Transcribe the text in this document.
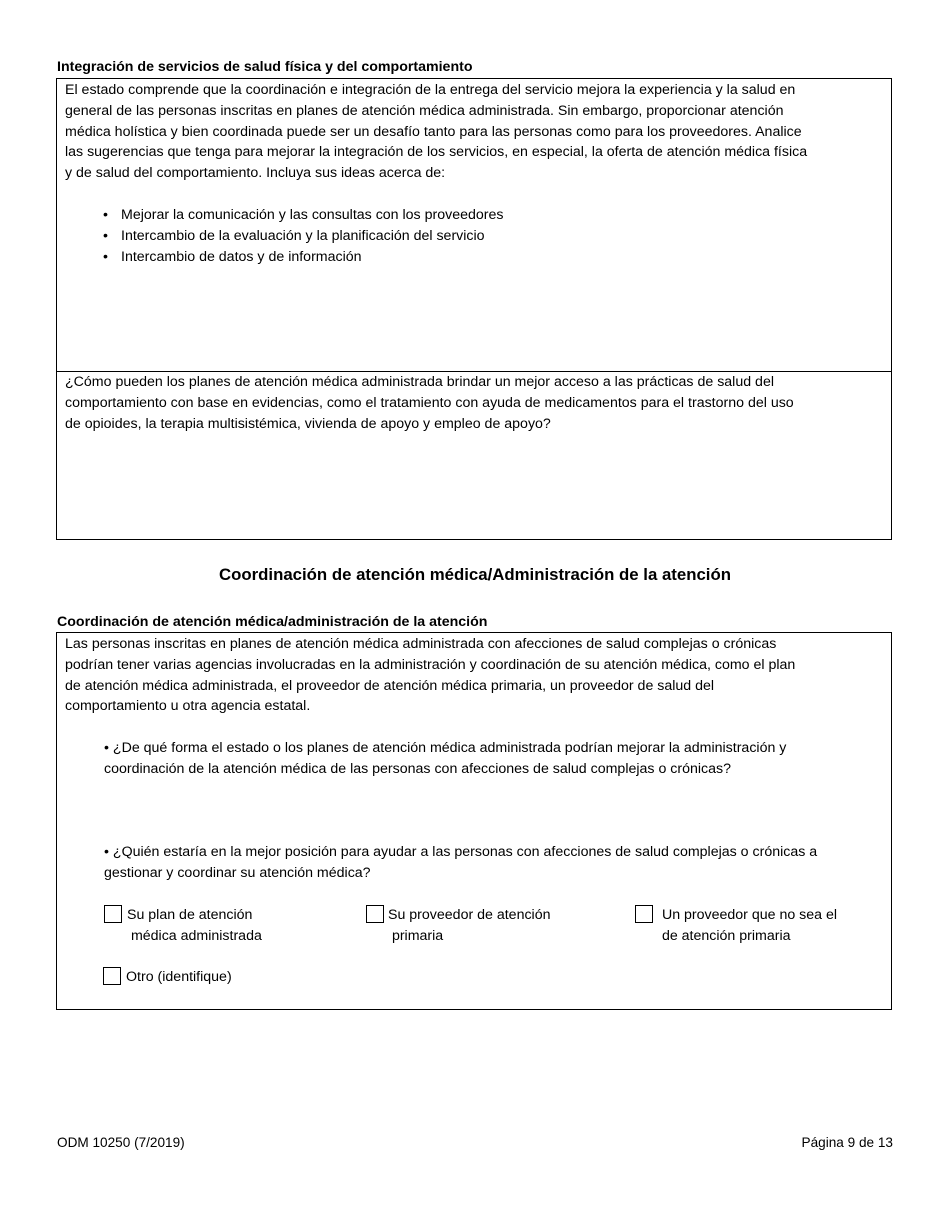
Integración de servicios de salud física y del comportamiento

El estado comprende que la coordinación e integración de la entrega del servicio mejora la experiencia y la salud en

general de las personas inscritas en planes de atención médica administrada. Sin embargo, proporcionar atención

médica holística y bien coordinada puede ser un desafío tanto para las personas como para los proveedores. Analice

las sugerencias que tenga para mejorar la integración de los servicios, en especial, la oferta de atención médica física

y de salud del comportamiento. Incluya sus ideas acerca de:

• Mejorar la comunicación y las consultas con los proveedores
• Intercambio de la evaluación y la planificación del servicio
• Intercambio de datos y de información

¿Cómo pueden los planes de atención médica administrada brindar un mejor acceso a las prácticas de salud del

comportamiento con base en evidencias, como el tratamiento con ayuda de medicamentos para el trastorno del uso

de opioides, la terapia multisistémica, vivienda de apoyo y empleo de apoyo?

Coordinación de atención médica/Administración de la atención
Coordinación de atención médica/administración de la atención

Las personas inscritas en planes de atención médica administrada con afecciones de salud complejas o crónicas

podrían tener varias agencias involucradas en la administración y coordinación de su atención médica, como el plan

de atención médica administrada, el proveedor de atención médica primaria, un proveedor de salud del

comportamiento u otra agencia estatal.

• ¿De qué forma el estado o los planes de atención médica administrada podrían mejorar la administración y

coordinación de la atención médica de las personas con afecciones de salud complejas o crónicas?

• ¿Quién estaría en la mejor posición para ayudar a las personas con afecciones de salud complejas o crónicas a

gestionar y coordinar su atención médica?

Su plan de atención
médica administrada
Su proveedor de atención
primaria
Un proveedor que no sea el
de atención primaria
Otro (identifique)
ODM 10250 (7/2019)	Página 9 de 13
